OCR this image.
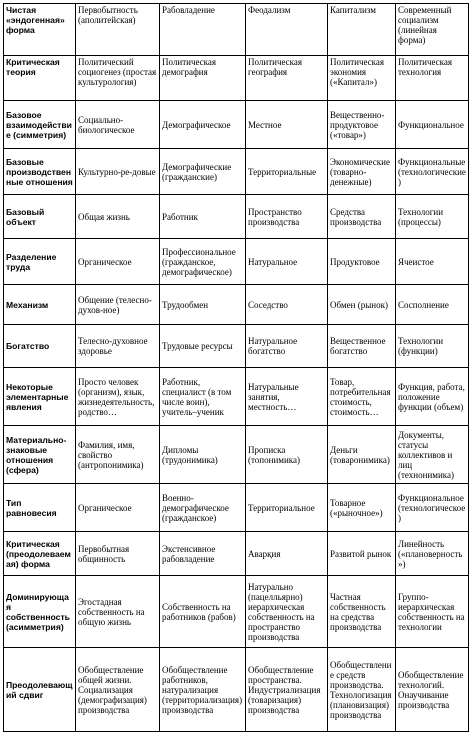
Чистая «эндогенная» форма	Первобытность (аполитейская)	Рабовладение	Феодализм	Капитализм	Современный социализм (линейная форма)
Критическая теория	Политический социогенез (простая культурология)	Политическая демография	Политическая география	Политическая экономия («Капитал»)	Политическая технология
Базовое взаимодействие (симметрия)	Социально-биологическое	Демографическое	Местное	Вещественно-продуктовое («товар»)	Функциональное
Базовые производственные отношения	Культурно-ре-довые	Демографические (гражданские)	Территориальные	Экономические (товарно-денежные)	Функциональные (технологические)
Базовый объект	Общая жизнь	Работник	Пространство производства	Средства производства	Технологии (процессы)
Разделение труда	Органическое	Профессиональное (гражданское, демографическое)	Натуральное	Продуктовое	Ячеистое
Механизм	Общение (телесно-духов-ное)	Трудообмен	Соседство	Обмен (рынок)	Сосполнение
Богатство	Телесно-духовное здоровье	Трудовые ресурсы	Натуральное богатство	Вещественное богатство	Технологии (функции)
Некоторые элементарные явления	Просто человек (организм), язык, жизнедеятельность, родство…	Работник, специалист (в том числе воин), учитель–ученик	Натуральные занятия, местность…	Товар, потребительная стоимость, стоимость…	Функция, работа, положение функции (объем)
Материально-знаковые отношения (сфера)	Фамилия, имя, свойство (антропонимика)	Дипломы (трудонимика)	Прописка (топонимика)	Деньги (товаронимика)	Документы, статусы коллективов и лиц (технонимика)
Тип равновесия	Органическое	Военно-демографическое (гражданское)	Территориальное	Товарное («рыночное»)	Функциональное (технологическое)
Критическая (преодолеваемая) форма	Первобытная общинность	Экстенсивное рабовладение	Аварқия	Развитой рынок	Линейность («плановерность»)
Доминирующая собственность (асимметрия)	Эгостадная собственность на общую жизнь	Собственность на работников (рабов)	Натурально (пацелльярно) иерархическая собственность на пространство производства	Частная собственность на средства производства	Группо-иерархическая собственность на технологии
Преодолевающий сдвиг	Обобществление общей жизни. Социализация (демографизация) производства	Обобществление работников, натурализация (территориализация) производства	Обобществление пространства. Индустриализация (товаризация) производства	Обобществление средств производства. Технологизация (плановизация) производства	Обобществление технологий. Онаучивание производства
